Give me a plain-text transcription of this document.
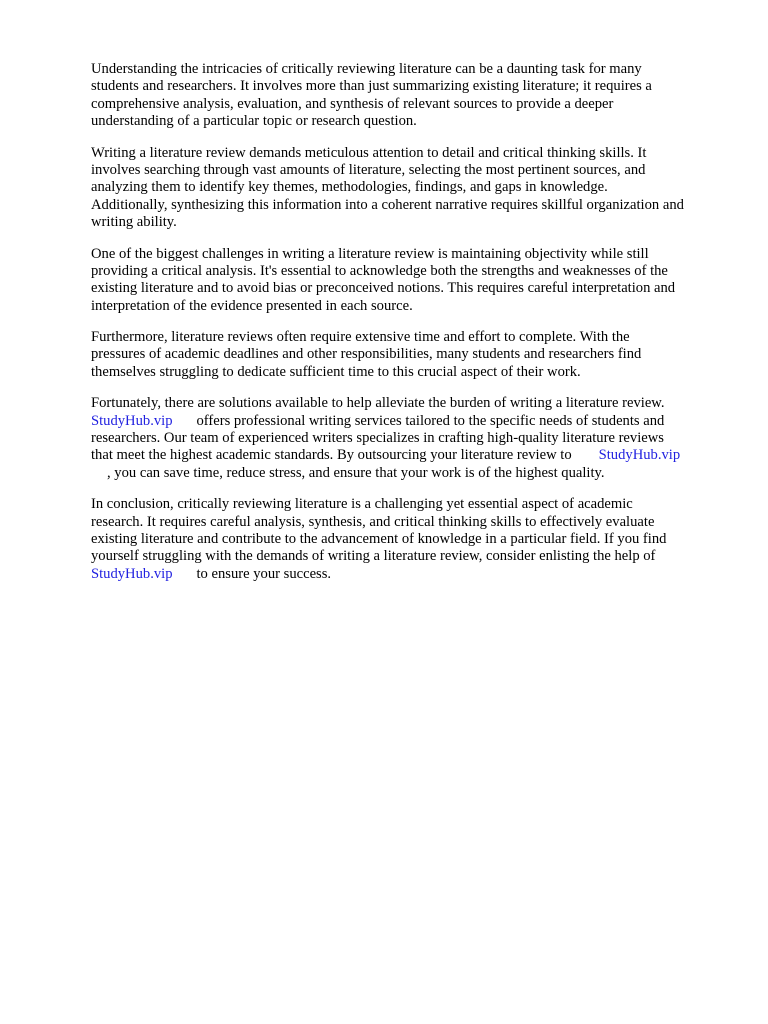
Understanding the intricacies of critically reviewing literature can be a daunting task for many
students and researchers. It involves more than just summarizing existing literature; it requires a
comprehensive analysis, evaluation, and synthesis of relevant sources to provide a deeper
understanding of a particular topic or research question.

Writing a literature review demands meticulous attention to detail and critical thinking skills. It
involves searching through vast amounts of literature, selecting the most pertinent sources, and
analyzing them to identify key themes, methodologies, findings, and gaps in knowledge.
Additionally, synthesizing this information into a coherent narrative requires skillful organization and
writing ability.

One of the biggest challenges in writing a literature review is maintaining objectivity while still
providing a critical analysis. It's essential to acknowledge both the strengths and weaknesses of the
existing literature and to avoid bias or preconceived notions. This requires careful interpretation and
interpretation of the evidence presented in each source.

Furthermore, literature reviews often require extensive time and effort to complete. With the
pressures of academic deadlines and other responsibilities, many students and researchers find
themselves struggling to dedicate sufficient time to this crucial aspect of their work.

Fortunately, there are solutions available to help alleviate the burden of writing a literature review.
StudyHub.vip offers professional writing services tailored to the specific needs of students and
researchers. Our team of experienced writers specializes in crafting high-quality literature reviews
that meet the highest academic standards. By outsourcing your literature review to StudyHub.vip
, you can save time, reduce stress, and ensure that your work is of the highest quality.

In conclusion, critically reviewing literature is a challenging yet essential aspect of academic
research. It requires careful analysis, synthesis, and critical thinking skills to effectively evaluate
existing literature and contribute to the advancement of knowledge in a particular field. If you find
yourself struggling with the demands of writing a literature review, consider enlisting the help of
StudyHub.vip to ensure your success.
